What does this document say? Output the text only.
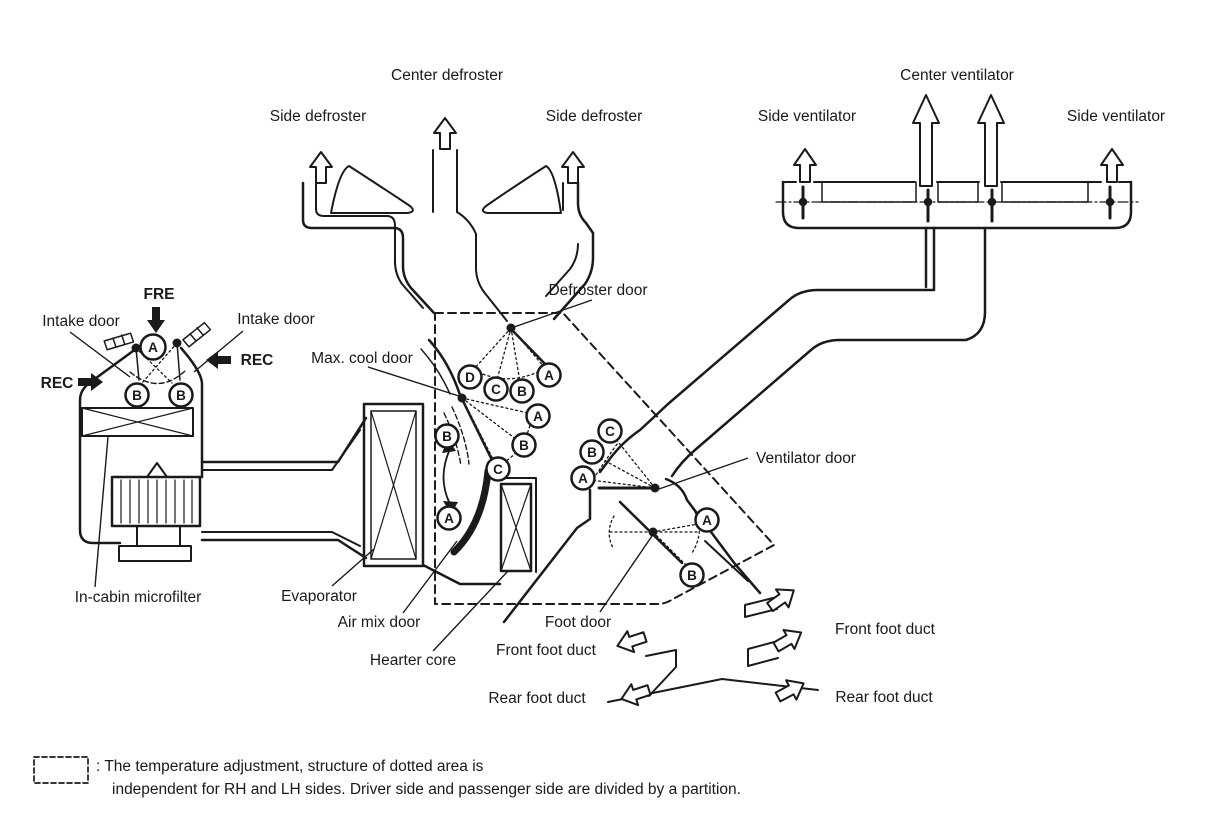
A
B	B
D
C B
A
A
B
C
B
A
C
B
A
A
B
Center defroster
Side defroster	Side defroster
Center ventilator
Side ventilator	Side ventilator
FRE
Intake door	Intake door
REC
REC
In-cabin microfilter
Max. cool door
Defroster door
Ventilator door
Evaporator
Air mix door
Hearter core
Foot door
Front foot duct
Rear foot duct
Front foot duct
Rear foot duct
: The temperature adjustment, structure of dotted area is
independent for RH and LH sides. Driver side and passenger side are divided by a partition.
